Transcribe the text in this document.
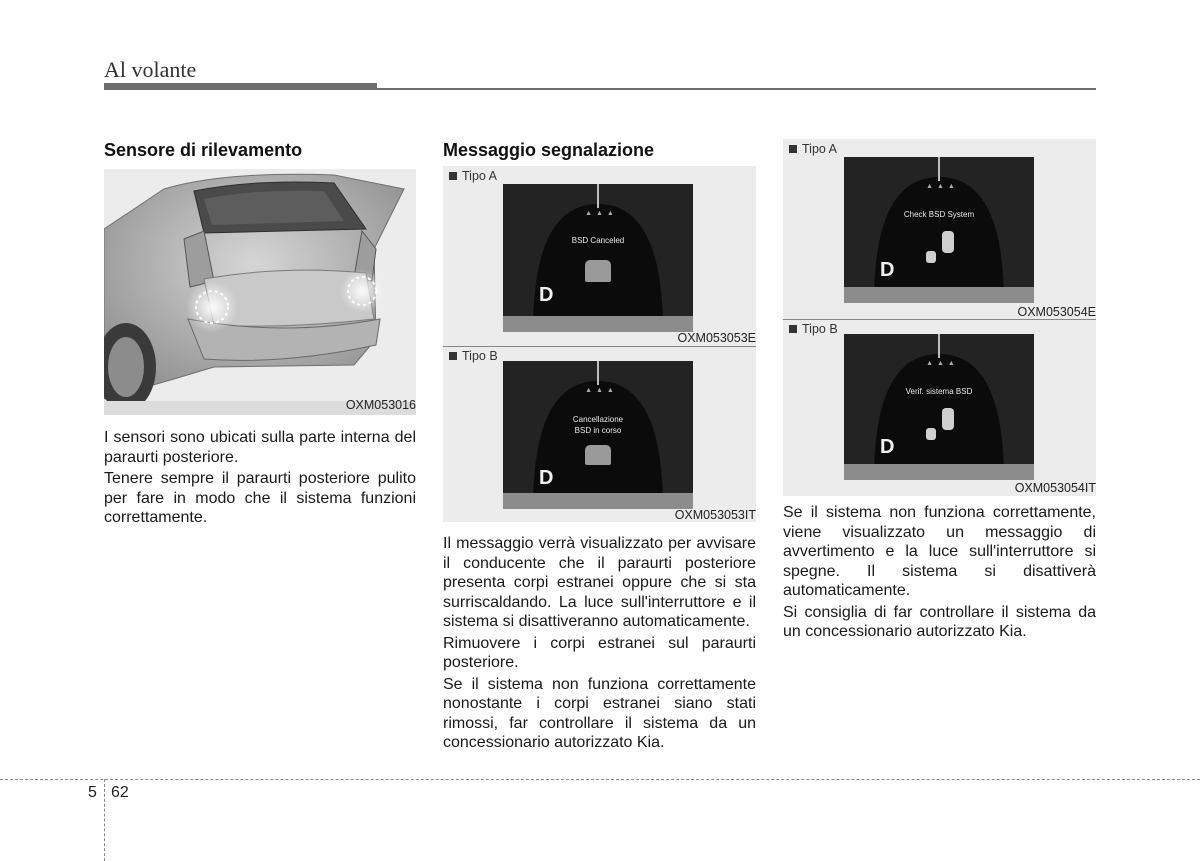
Al volante
Sensore di rilevamento
OXM053016

I sensori sono ubicati sulla parte interna del paraurti posteriore.

Tenere sempre il paraurti posteriore pulito per fare in modo che il sistema funzioni correttamente.

Messaggio segnalazione
Tipo A
▲ ▲ ▲
BSD Canceled
D
OXM053053E
Tipo B
▲ ▲ ▲
Cancellazione
BSD in corso
D
OXM053053IT

Il messaggio verrà visualizzato per avvisare il conducente che il paraurti posteriore presenta corpi estranei oppure che si sta surriscaldando. La luce sull'interruttore e il sistema si disattiveranno automaticamente.

Rimuovere i corpi estranei sul paraurti posteriore.

Se il sistema non funziona correttamente nonostante i corpi estranei siano stati rimossi, far controllare il sistema da un concessionario autorizzato Kia.

Tipo A
▲ ▲ ▲
Check BSD System
D
OXM053054E
Tipo B
▲ ▲ ▲
Verif. sistema BSD
D
OXM053054IT

Se il sistema non funziona correttamente, viene visualizzato un messaggio di avvertimento e la luce sull'interruttore si spegne. Il sistema si disattiverà automaticamente.

Si consiglia di far controllare il sistema da un concessionario autorizzato Kia.

5 62
